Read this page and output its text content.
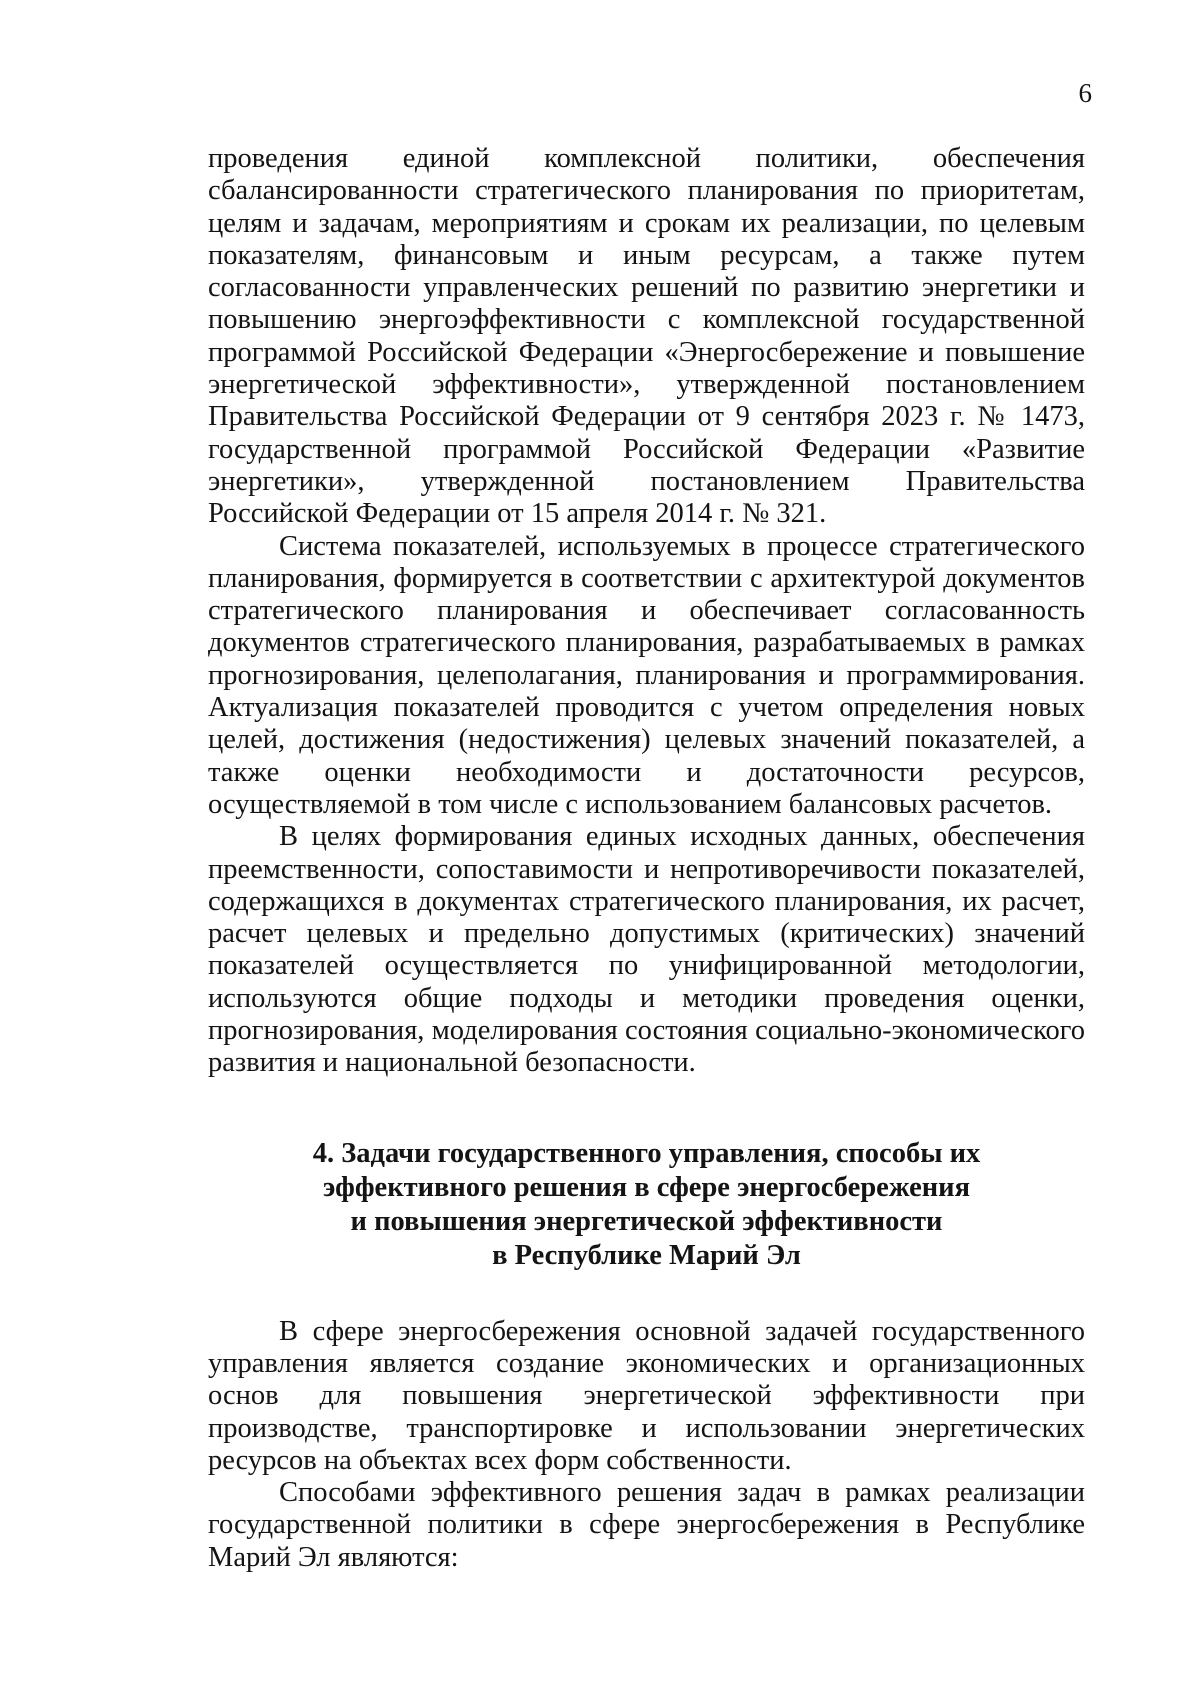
6

проведения единой комплексной политики, обеспечения сбалансированности стратегического планирования по приоритетам, целям и задачам, мероприятиям и срокам их реализации, по целевым показателям, финансовым и иным ресурсам, а также путем согласованности управленческих решений по развитию энергетики и повышению энергоэффективности с комплексной государственной программой Российской Федерации «Энергосбережение и повышение энергетической эффективности», утвержденной постановлением Правительства Российской Федерации от 9 сентября 2023 г. № 1473, государственной программой Российской Федерации «Развитие энергетики», утвержденной постановлением Правительства Российской Федерации от 15 апреля 2014 г. № 321.

Система показателей, используемых в процессе стратегического планирования, формируется в соответствии с архитектурой документов стратегического планирования и обеспечивает согласованность документов стратегического планирования, разрабатываемых в рамках прогнозирования, целеполагания, планирования и программирования. Актуализация показателей проводится с учетом определения новых целей, достижения (недостижения) целевых значений показателей, а также оценки необходимости и достаточности ресурсов, осуществляемой в том числе с использованием балансовых расчетов.

В целях формирования единых исходных данных, обеспечения преемственности, сопоставимости и непротиворечивости показателей, содержащихся в документах стратегического планирования, их расчет, расчет целевых и предельно допустимых (критических) значений показателей осуществляется по унифицированной методологии, используются общие подходы и методики проведения оценки, прогнозирования, моделирования состояния социально-экономического развития и национальной безопасности.

4. Задачи государственного управления, способы их
эффективного решения в сфере энергосбережения
и повышения энергетической эффективности
в Республике Марий Эл

В сфере энергосбережения основной задачей государственного управления является создание экономических и организационных основ для повышения энергетической эффективности при производстве, транспортировке и использовании энергетических ресурсов на объектах всех форм собственности.

Способами эффективного решения задач в рамках реализации государственной политики в сфере энергосбережения в Республике Марий Эл являются:
